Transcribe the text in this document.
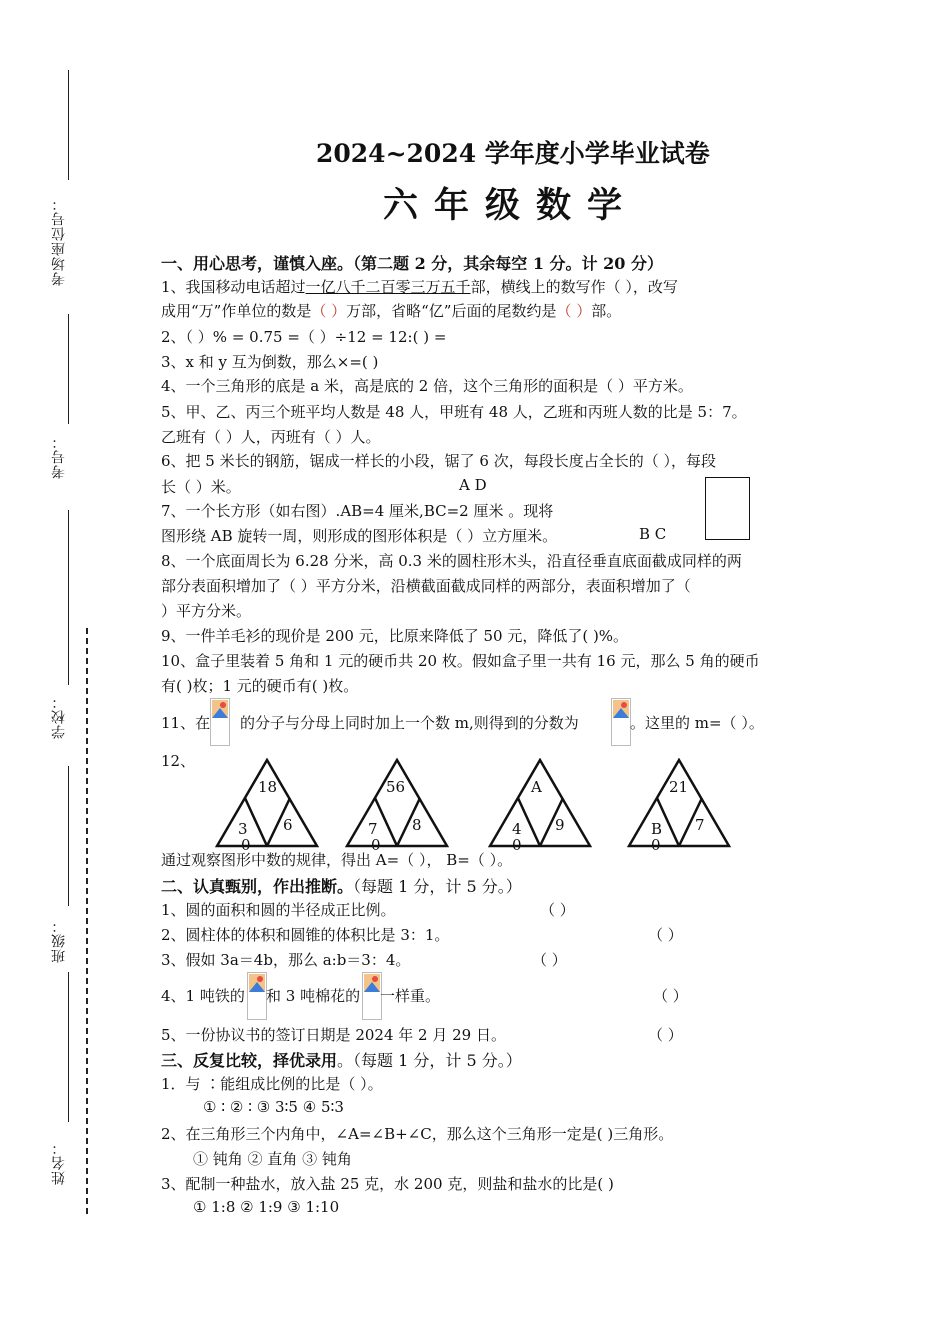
考场座位号：
考号：
学校：
班级：
姓名：
2024~2024 学年度小学毕业试卷
六年级数学
一、用心思考，谨慎入座。（第二题 2 分，其余每空 1 分。计 20 分）
1、我国移动电话超过一亿八千二百零三万五千部，横线上的数写作（ ），改写
成用“万”作单位的数是（ ）万部，省略“亿”后面的尾数约是（ ）部。
2、（ ）% = 0.75 =（ ）÷12 = 12:( ) =
3、x 和 y 互为倒数，那么×=( )
4、一个三角形的底是 a 米，高是底的 2 倍，这个三角形的面积是（ ）平方米。
5、甲、乙、丙三个班平均人数是 48 人，甲班有 48 人，乙班和丙班人数的比是 5：7。
乙班有（ ）人，丙班有（ ）人。
6、把 5 米长的钢筋，锯成一样长的小段，锯了 6 次，每段长度占全长的（ ），每段
长（ ）米。	A D
7、一个长方形（如右图）.AB=4 厘米,BC=2 厘米 。现将
图形绕 AB 旋转一周，则形成的图形体积是（ ）立方厘米。	B C
8、一个底面周长为 6.28 分米，高 0.3 米的圆柱形木头，沿直径垂直底面截成同样的两
部分表面积增加了（ ）平方分米，沿横截面截成同样的两部分，表面积增加了（
）平方分米。
9、一件羊毛衫的现价是 200 元，比原来降低了 50 元，降低了( )%。
10、盒子里装着 5 角和 1 元的硬币共 20 枚。假如盒子里一共有 16 元，那么 5 角的硬币
有( )枚；1 元的硬币有( )枚。
11、在 的分子与分母上同时加上一个数 m,则得到的分数为	。这里的 m=（ ）。
12、
18
3
0
6
56
7
0
8
A
4
0
9
21
B
0
7
通过观察图形中数的规律，得出 A=（ ）， B=（ ）。
二、认真甄别，作出推断。（每题 1 分，计 5 分。）
1、圆的面积和圆的半径成正比例。	（ ）
2、圆柱体的体积和圆锥的体积比是 3：1。	（ ）
3、假如 3a＝4b，那么 a:b＝3：4。	（ ）
4、1 吨铁的 和 3 吨棉花的 一样重。	（ ）
5、一份协议书的签订日期是 2024 年 2 月 29 日。	（ ）
三、反复比较，择优录用。（每题 1 分，计 5 分。）
1．与 ∶能组成比例的比是（ ）。
① ∶ ② ∶ ③ 3∶5 ④ 5∶3
2、在三角形三个内角中，∠A=∠B+∠C，那么这个三角形一定是( )三角形。
① 钝角 ② 直角 ③ 钝角
3、配制一种盐水，放入盐 25 克，水 200 克，则盐和盐水的比是( )
① 1:8 ② 1:9 ③ 1:10
